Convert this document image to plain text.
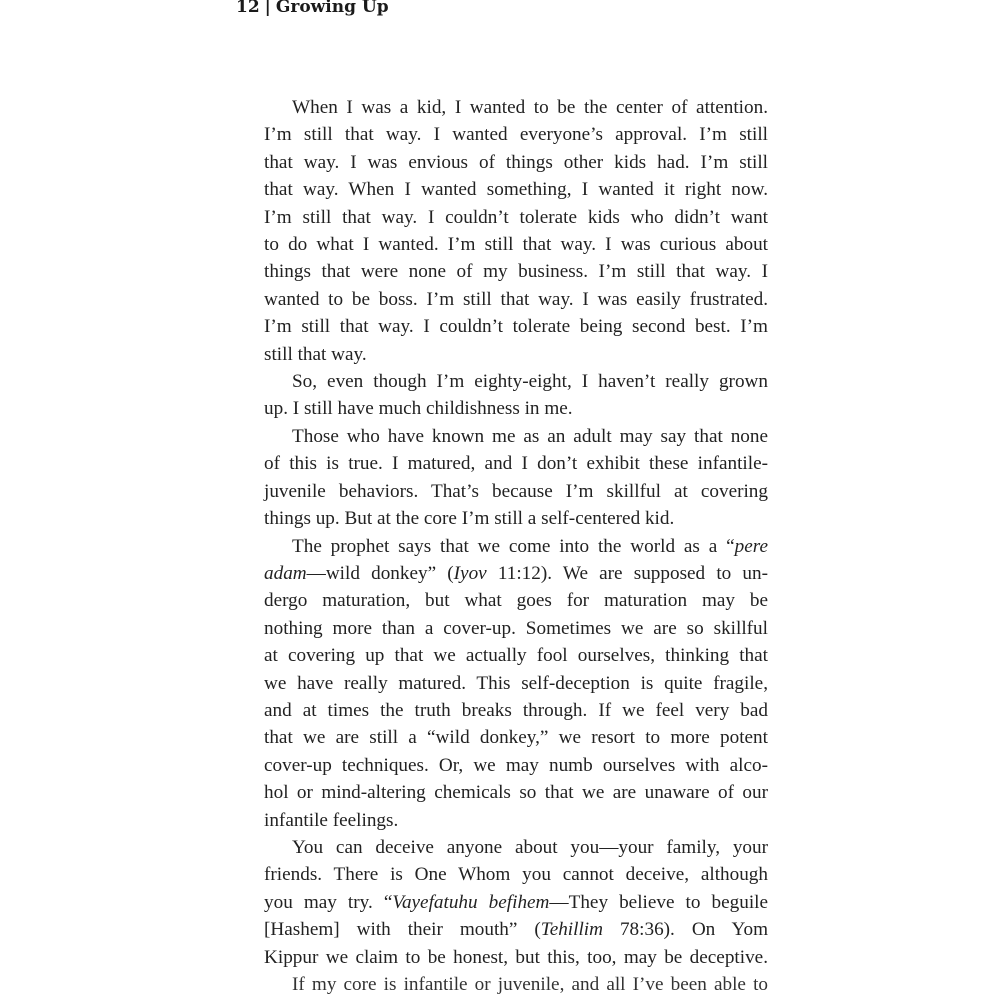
12 | Growing Up

When I was a kid, I wanted to be the center of attention.
I’m still that way. I wanted everyone’s approval. I’m still
that way. I was envious of things other kids had. I’m still
that way. When I wanted something, I wanted it right now.
I’m still that way. I couldn’t tolerate kids who didn’t want
to do what I wanted. I’m still that way. I was curious about
things that were none of my business. I’m still that way. I
wanted to be boss. I’m still that way. I was easily frustrated.
I’m still that way. I couldn’t tolerate being second best. I’m
still that way.

So, even though I’m eighty-eight, I haven’t really grown
up. I still have much childishness in me.

Those who have known me as an adult may say that none
of this is true. I matured, and I don’t exhibit these infantile-
juvenile behaviors. That’s because I’m skillful at covering
things up. But at the core I’m still a self-centered kid.

The prophet says that we come into the world as a “pere
adam—wild donkey” (Iyov 11:12). We are supposed to un-
dergo maturation, but what goes for maturation may be
nothing more than a cover-up. Sometimes we are so skillful
at covering up that we actually fool ourselves, thinking that
we have really matured. This self-deception is quite fragile,
and at times the truth breaks through. If we feel very bad
that we are still a “wild donkey,” we resort to more potent
cover-up techniques. Or, we may numb ourselves with alco-
hol or mind-altering chemicals so that we are unaware of our
infantile feelings.

You can deceive anyone about you—your family, your
friends. There is One Whom you cannot deceive, although
you may try. “Vayefatuhu befihem—They believe to beguile
[Hashem] with their mouth” (Tehillim 78:36). On Yom
Kippur we claim to be honest, but this, too, may be deceptive.

If my core is infantile or juvenile, and all I’ve been able to
